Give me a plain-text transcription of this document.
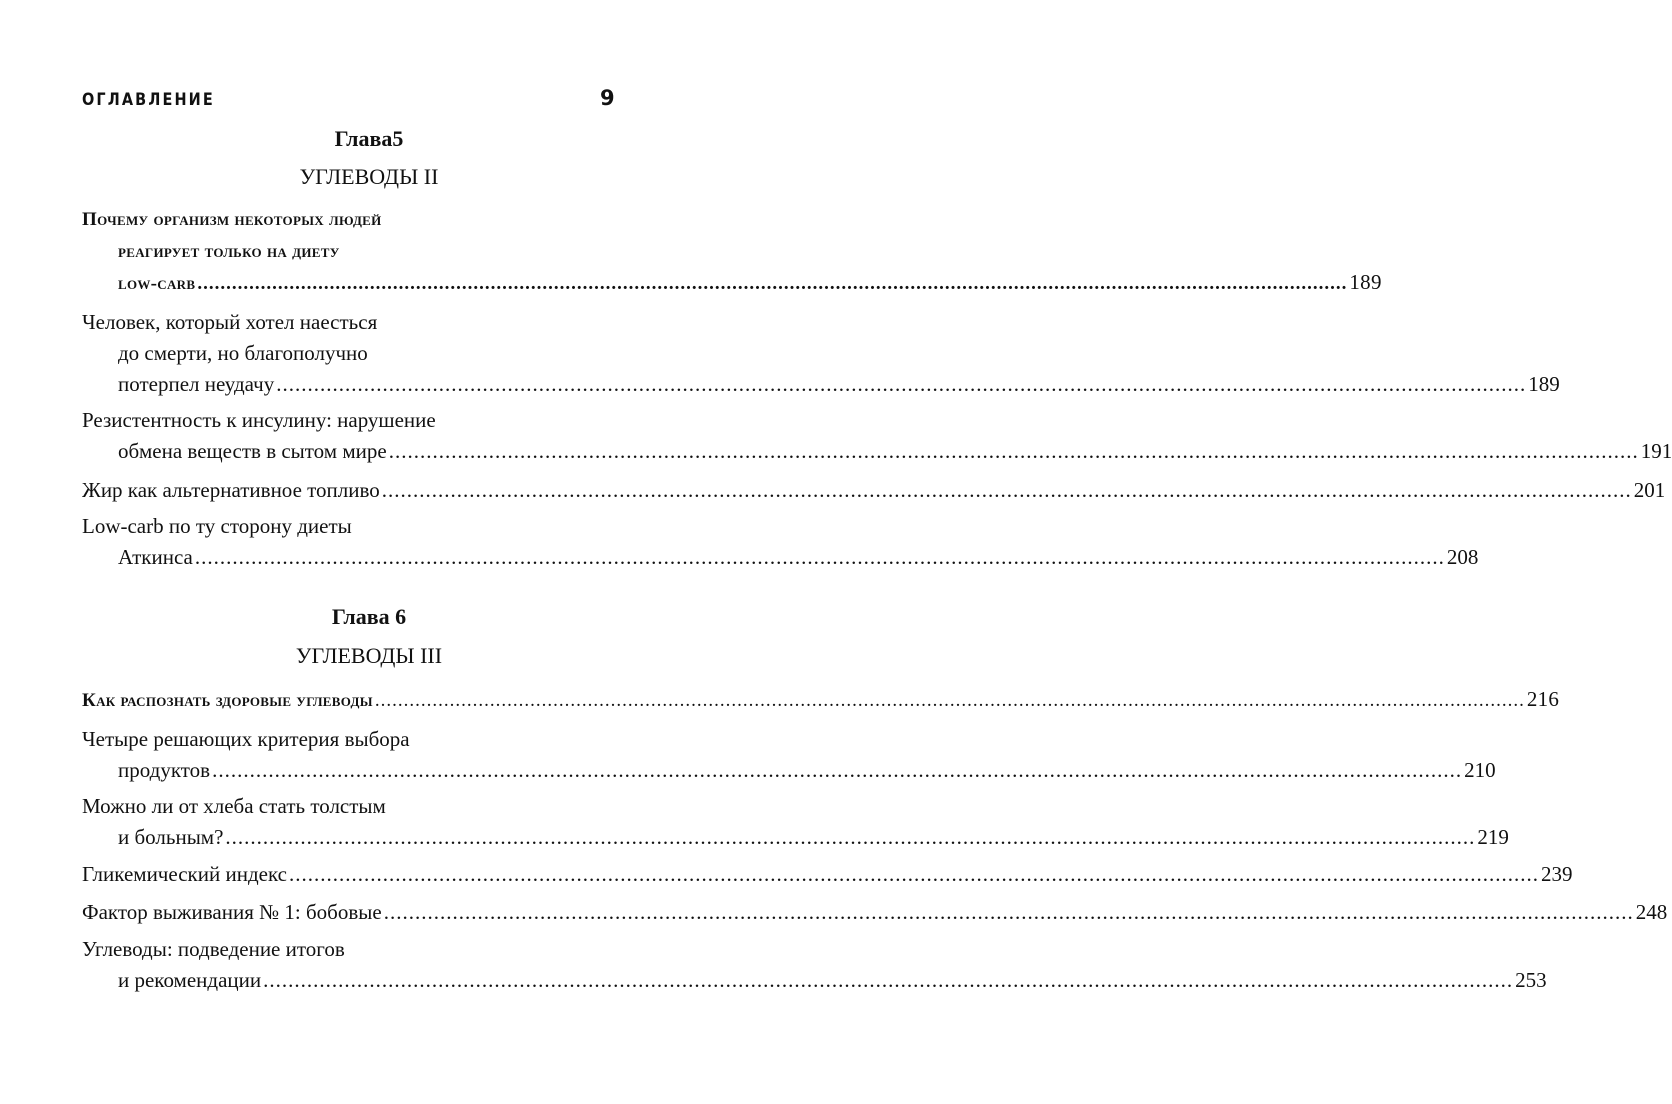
ОГЛАВЛЕНИЕ	9
Глава5
УГЛЕВОДЫ II
Почему организм некоторых людей
реагирует только на диету
low-carb ........................................................................................................................................................................................................ 189
Человек, который хотел наесться
до смерти, но благополучно
потерпел неудачу ........................................................................................................................................................................................................ 189
Резистентность к инсулину: нарушение
обмена веществ в сытом мире ........................................................................................................................................................................................................ 191
Жир как альтернативное топливо ........................................................................................................................................................................................................ 201
Low-carb по ту сторону диеты
Аткинса ........................................................................................................................................................................................................ 208
Глава 6
УГЛЕВОДЫ III
Как распознать здоровые углеводы ........................................................................................................................................................................................................ 216
Четыре решающих критерия выбора
продуктов ........................................................................................................................................................................................................ 210
Можно ли от хлеба стать толстым
и больным? ........................................................................................................................................................................................................ 219
Гликемический индекс ........................................................................................................................................................................................................ 239
Фактор выживания № 1: бобовые ........................................................................................................................................................................................................ 248
Углеводы: подведение итогов
и рекомендации ........................................................................................................................................................................................................ 253
